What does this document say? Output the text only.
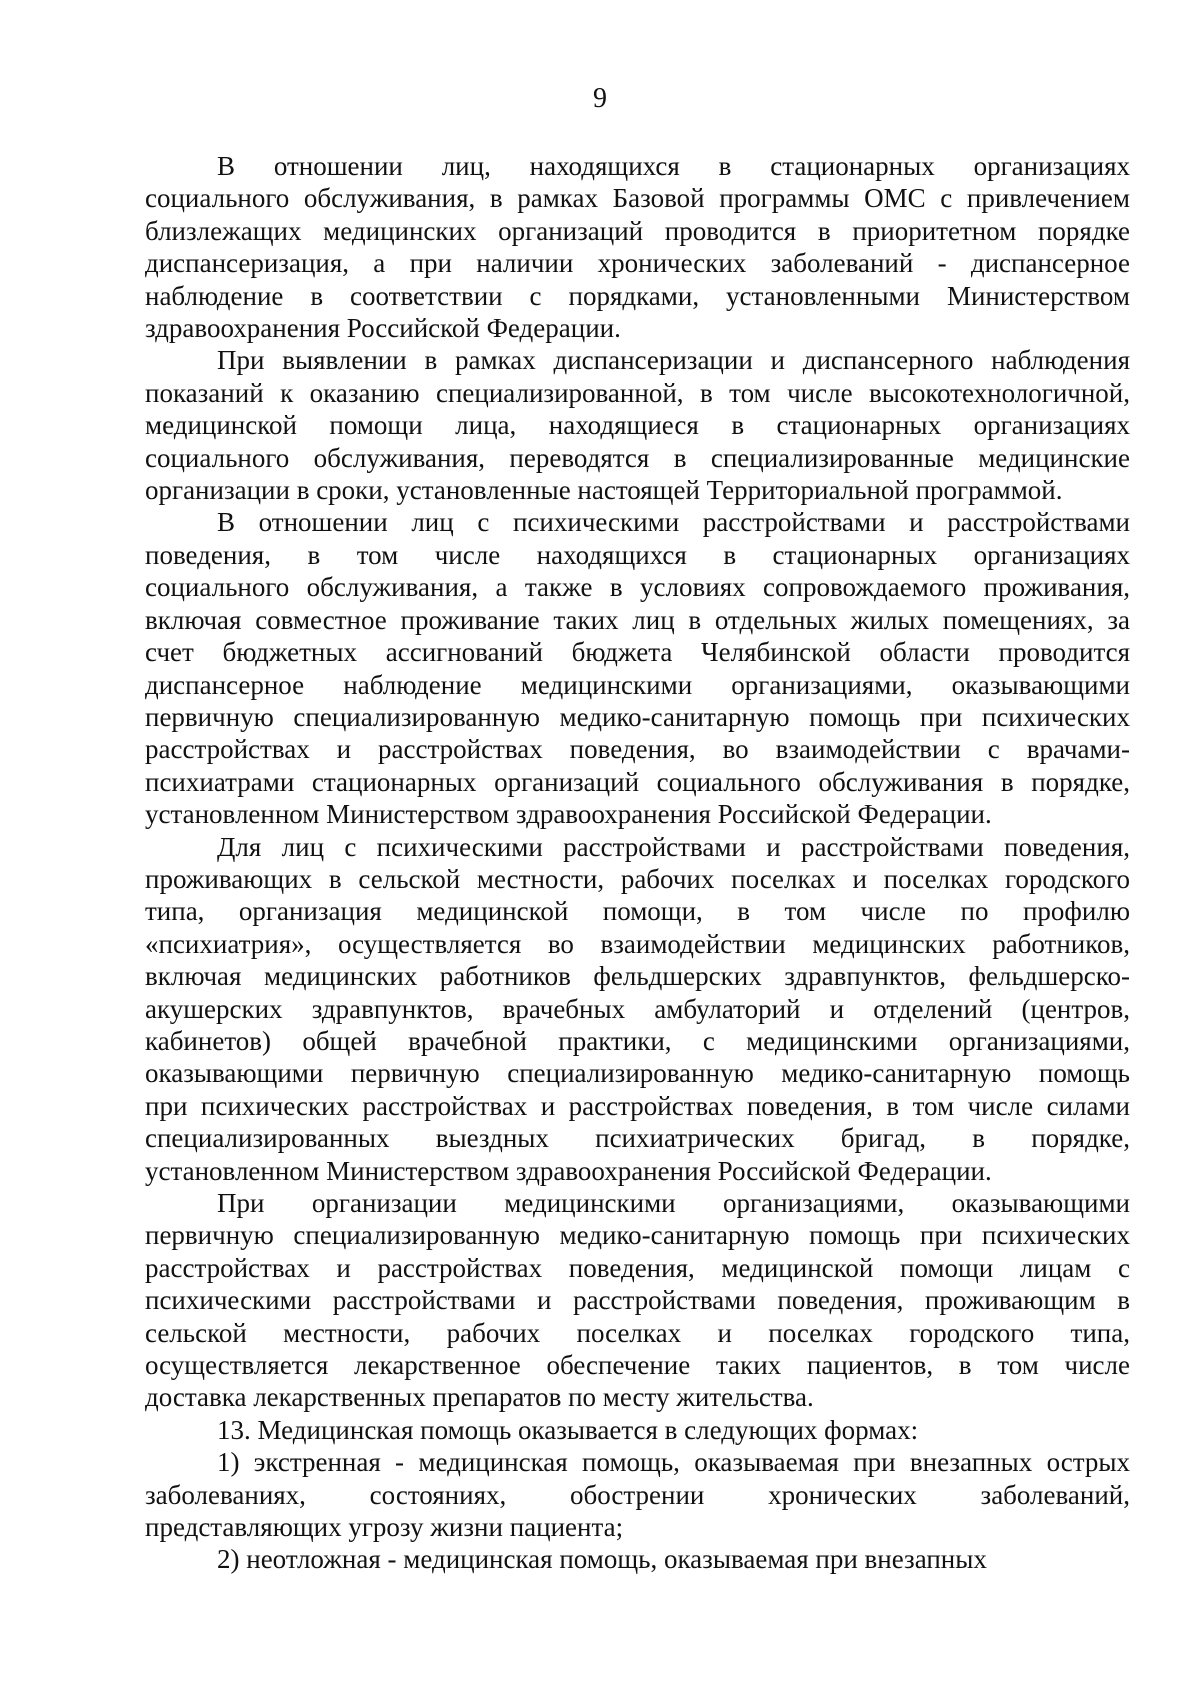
9

В отношении лиц, находящихся в стационарных организациях
социального обслуживания, в рамках Базовой программы ОМС с привлечением
близлежащих медицинских организаций проводится в приоритетном порядке
диспансеризация, а при наличии хронических заболеваний - диспансерное
наблюдение в соответствии с порядками, установленными Министерством
здравоохранения Российской Федерации.

При выявлении в рамках диспансеризации и диспансерного наблюдения
показаний к оказанию специализированной, в том числе высокотехнологичной,
медицинской помощи лица, находящиеся в стационарных организациях
социального обслуживания, переводятся в специализированные медицинские
организации в сроки, установленные настоящей Территориальной программой.

В отношении лиц с психическими расстройствами и расстройствами
поведения, в том числе находящихся в стационарных организациях
социального обслуживания, а также в условиях сопровождаемого проживания,
включая совместное проживание таких лиц в отдельных жилых помещениях, за
счет бюджетных ассигнований бюджета Челябинской области проводится
диспансерное наблюдение медицинскими организациями, оказывающими
первичную специализированную медико-санитарную помощь при психических
расстройствах и расстройствах поведения, во взаимодействии с врачами-
психиатрами стационарных организаций социального обслуживания в порядке,
установленном Министерством здравоохранения Российской Федерации.

Для лиц с психическими расстройствами и расстройствами поведения,
проживающих в сельской местности, рабочих поселках и поселках городского
типа, организация медицинской помощи, в том числе по профилю
«психиатрия», осуществляется во взаимодействии медицинских работников,
включая медицинских работников фельдшерских здравпунктов, фельдшерско-
акушерских здравпунктов, врачебных амбулаторий и отделений (центров,
кабинетов) общей врачебной практики, с медицинскими организациями,
оказывающими первичную специализированную медико-санитарную помощь
при психических расстройствах и расстройствах поведения, в том числе силами
специализированных выездных психиатрических бригад, в порядке,
установленном Министерством здравоохранения Российской Федерации.

При организации медицинскими организациями, оказывающими
первичную специализированную медико-санитарную помощь при психических
расстройствах и расстройствах поведения, медицинской помощи лицам с
психическими расстройствами и расстройствами поведения, проживающим в
сельской местности, рабочих поселках и поселках городского типа,
осуществляется лекарственное обеспечение таких пациентов, в том числе
доставка лекарственных препаратов по месту жительства.

13. Медицинская помощь оказывается в следующих формах:

1) экстренная - медицинская помощь, оказываемая при внезапных острых
заболеваниях, состояниях, обострении хронических заболеваний,
представляющих угрозу жизни пациента;

2) неотложная - медицинская помощь, оказываемая при внезапных
